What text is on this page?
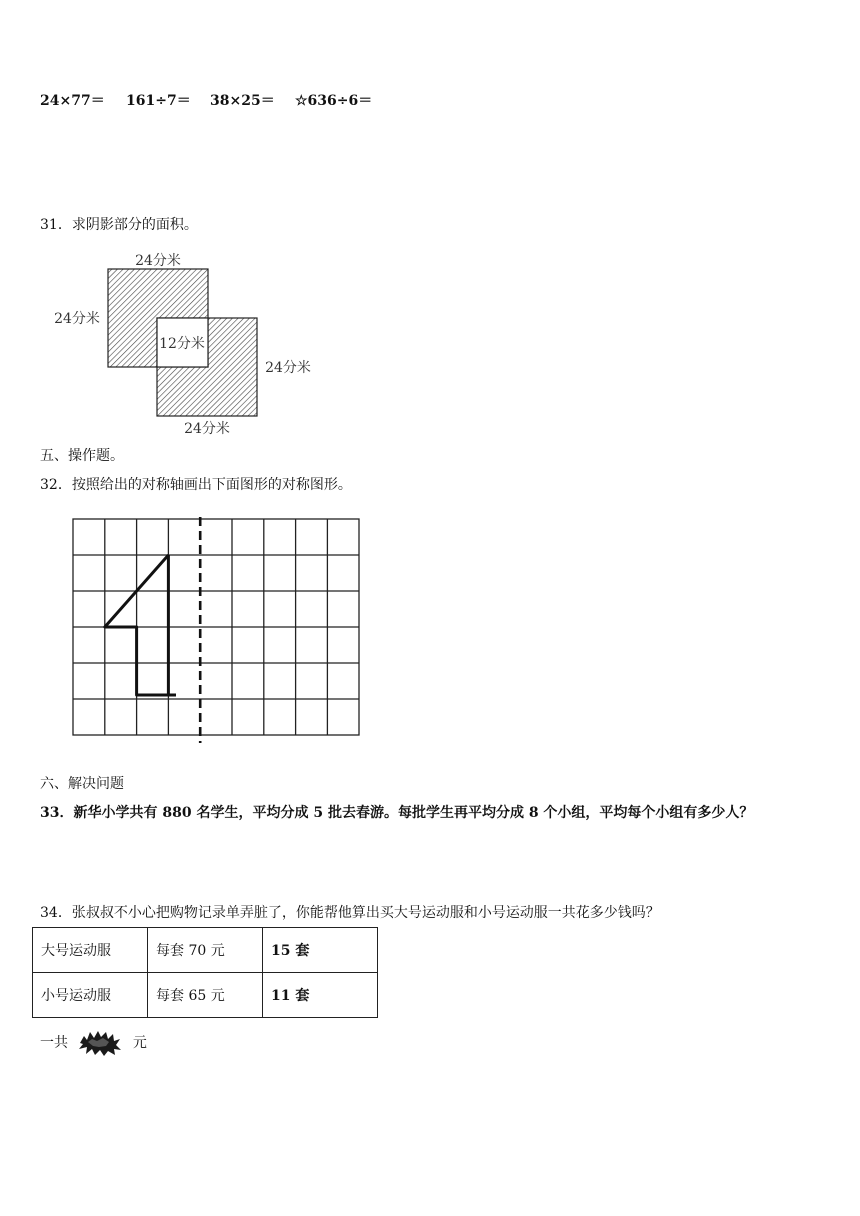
24×77＝ 161÷7＝ 38×25＝ ☆636÷6＝
31．求阴影部分的面积。
24分米
24分米
12分米
24分米
24分米
五、操作题。
32．按照给出的对称轴画出下面图形的对称图形。
六、解决问题
33．新华小学共有 880 名学生，平均分成 5 批去春游。每批学生再平均分成 8 个小组，平均每个小组有多少人？
34．张叔叔不小心把购物记录单弄脏了，你能帮他算出买大号运动服和小号运动服一共花多少钱吗？
大号运动服	每套 70 元	15 套
小号运动服	每套 65 元	11 套
一共	元
